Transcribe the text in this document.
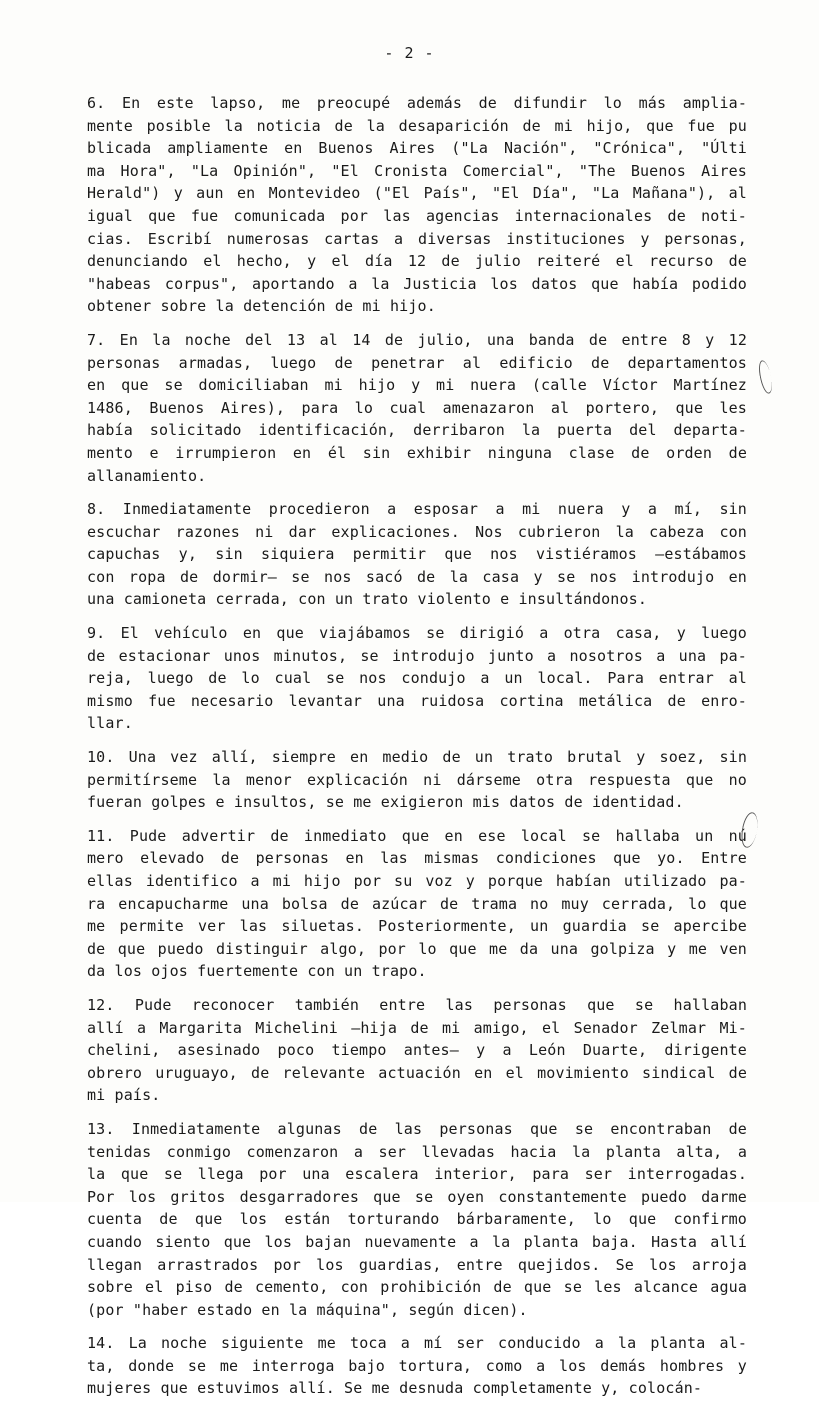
- 2 -
6. En este lapso, me preocupé además de difundir lo más amplia-
mente posible la noticia de la desaparición de mi hijo, que fue pu
blicada ampliamente en Buenos Aires ("La Nación", "Crónica", "Últi
ma Hora", "La Opinión", "El Cronista Comercial", "The Buenos Aires
Herald") y aun en Montevideo ("El País", "El Día", "La Mañana"), al
igual que fue comunicada por las agencias internacionales de noti-
cias. Escribí numerosas cartas a diversas instituciones y personas,
denunciando el hecho, y el día 12 de julio reiteré el recurso de
"habeas corpus", aportando a la Justicia los datos que había podido
obtener sobre la detención de mi hijo.
7. En la noche del 13 al 14 de julio, una banda de entre 8 y 12
personas armadas, luego de penetrar al edificio de departamentos
en que se domiciliaban mi hijo y mi nuera (calle Víctor Martínez
1486, Buenos Aires), para lo cual amenazaron al portero, que les
había solicitado identificación, derribaron la puerta del departa-
mento e irrumpieron en él sin exhibir ninguna clase de orden de
allanamiento.
8. Inmediatamente procedieron a esposar a mi nuera y a mí, sin
escuchar razones ni dar explicaciones. Nos cubrieron la cabeza con
capuchas y, sin siquiera permitir que nos vistiéramos —estábamos
con ropa de dormir— se nos sacó de la casa y se nos introdujo en
una camioneta cerrada, con un trato violento e insultándonos.
9. El vehículo en que viajábamos se dirigió a otra casa, y luego
de estacionar unos minutos, se introdujo junto a nosotros a una pa-
reja, luego de lo cual se nos condujo a un local. Para entrar al
mismo fue necesario levantar una ruidosa cortina metálica de enro-
llar.
10. Una vez allí, siempre en medio de un trato brutal y soez, sin
permitírseme la menor explicación ni dárseme otra respuesta que no
fueran golpes e insultos, se me exigieron mis datos de identidad.
11. Pude advertir de inmediato que en ese local se hallaba un nú
mero elevado de personas en las mismas condiciones que yo. Entre
ellas identifico a mi hijo por su voz y porque habían utilizado pa-
ra encapucharme una bolsa de azúcar de trama no muy cerrada, lo que
me permite ver las siluetas. Posteriormente, un guardia se apercibe
de que puedo distinguir algo, por lo que me da una golpiza y me ven
da los ojos fuertemente con un trapo.
12. Pude reconocer también entre las personas que se hallaban
allí a Margarita Michelini —hija de mi amigo, el Senador Zelmar Mi-
chelini, asesinado poco tiempo antes— y a León Duarte, dirigente
obrero uruguayo, de relevante actuación en el movimiento sindical de
mi país.
13. Inmediatamente algunas de las personas que se encontraban de
tenidas conmigo comenzaron a ser llevadas hacia la planta alta, a
la que se llega por una escalera interior, para ser interrogadas.
Por los gritos desgarradores que se oyen constantemente puedo darme
cuenta de que los están torturando bárbaramente, lo que confirmo
cuando siento que los bajan nuevamente a la planta baja. Hasta allí
llegan arrastrados por los guardias, entre quejidos. Se los arroja
sobre el piso de cemento, con prohibición de que se les alcance agua
(por "haber estado en la máquina", según dicen).
14. La noche siguiente me toca a mí ser conducido a la planta al-
ta, donde se me interroga bajo tortura, como a los demás hombres y
mujeres que estuvimos allí. Se me desnuda completamente y, colocán-
